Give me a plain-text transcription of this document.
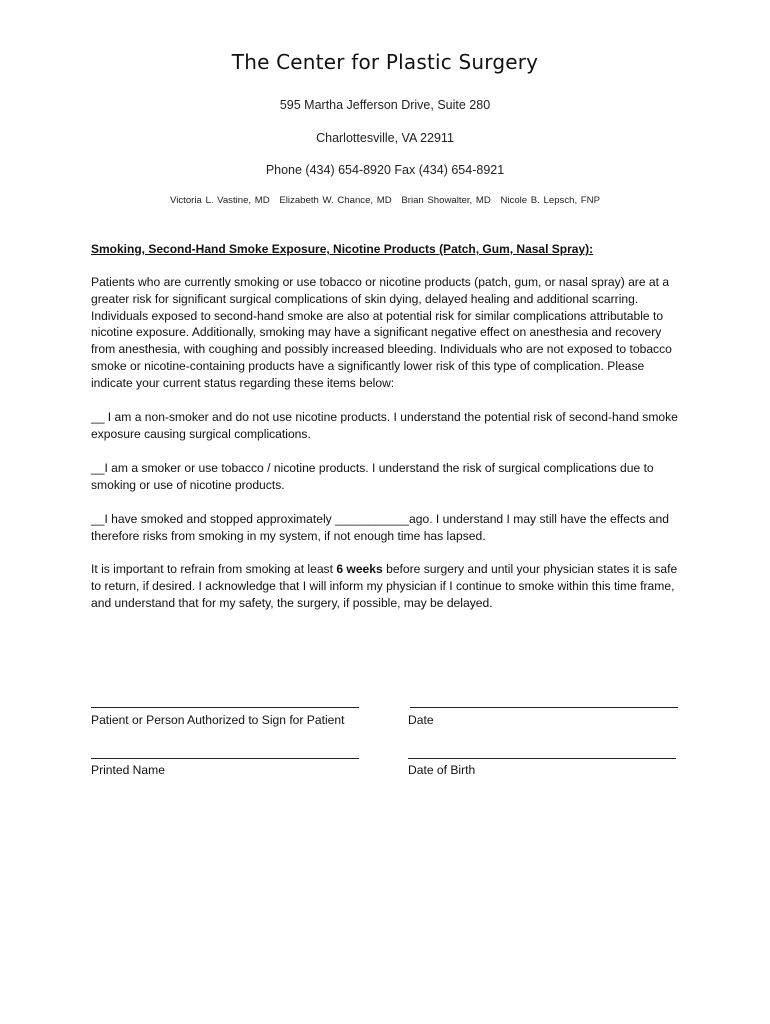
The Center for Plastic Surgery
595 Martha Jefferson Drive, Suite 280
Charlottesville, VA 22911
Phone (434) 654-8920 Fax (434) 654-8921
Victoria L. Vastine, MD Elizabeth W. Chance, MD Brian Showalter, MD Nicole B. Lepsch, FNP
Smoking, Second-Hand Smoke Exposure, Nicotine Products (Patch, Gum, Nasal Spray):
Patients who are currently smoking or use tobacco or nicotine products (patch, gum, or nasal spray) are at a greater risk for significant surgical complications of skin dying, delayed healing and additional scarring. Individuals exposed to second-hand smoke are also at potential risk for similar complications attributable to nicotine exposure. Additionally, smoking may have a significant negative effect on anesthesia and recovery from anesthesia, with coughing and possibly increased bleeding. Individuals who are not exposed to tobacco smoke or nicotine-containing products have a significantly lower risk of this type of complication. Please indicate your current status regarding these items below:
__ I am a non-smoker and do not use nicotine products. I understand the potential risk of second-hand smoke exposure causing surgical complications.
__I am a smoker or use tobacco / nicotine products. I understand the risk of surgical complications due to smoking or use of nicotine products.
__I have smoked and stopped approximately ___________ago. I understand I may still have the effects and therefore risks from smoking in my system, if not enough time has lapsed.
It is important to refrain from smoking at least 6 weeks before surgery and until your physician states it is safe to return, if desired. I acknowledge that I will inform my physician if I continue to smoke within this time frame, and understand that for my safety, the surgery, if possible, may be delayed.
Patient or Person Authorized to Sign for Patient	Date
Printed Name	Date of Birth
